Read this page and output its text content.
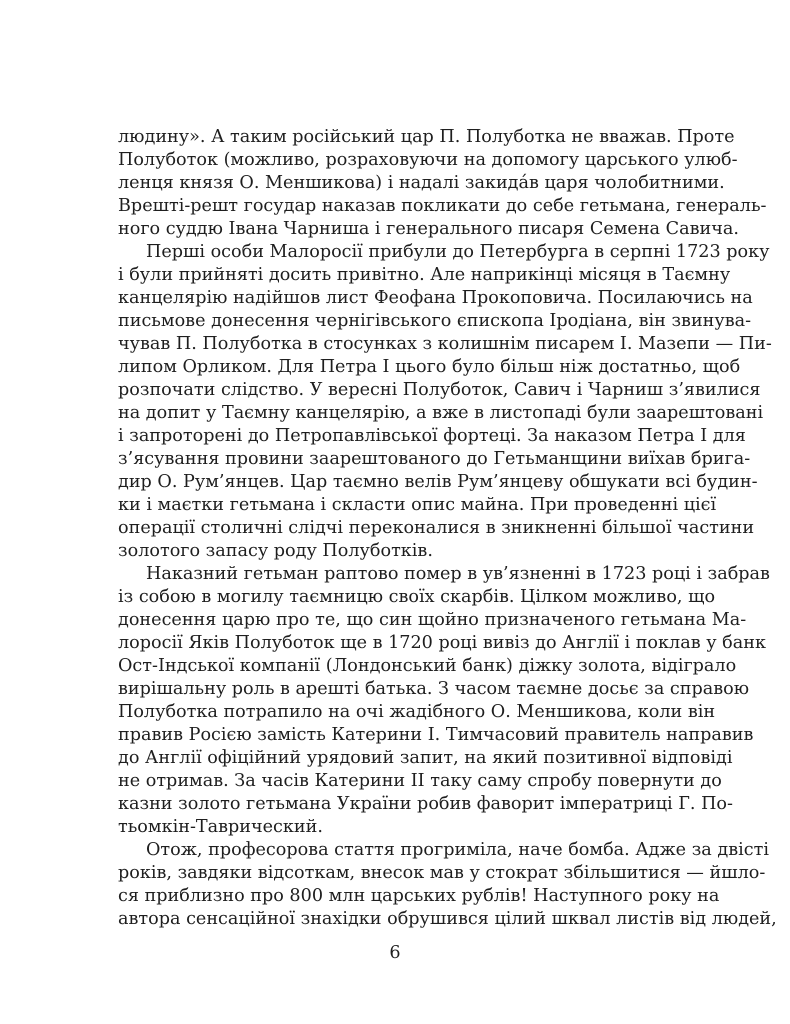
людину». А таким російський цар П. Полуботка не вважав. Проте
Полуботок (можливо, розраховуючи на допомогу царського улюб-
ленця князя О. Меншикова) і надалі закида́в царя чолобитними.
Врешті-решт государ наказав покликати до себе гетьмана, генераль-
ного суддю Івана Чарниша і генерального писаря Семена Савича.
Перші особи Малоросії прибули до Петербурга в серпні 1723 року
і були прийняті досить привітно. Але наприкінці місяця в Таємну
канцелярію надійшов лист Феофана Прокоповича. Посилаючись на
письмове донесення чернігівського єпископа Іродіана, він звинува-
чував П. Полуботка в стосунках з колишнім писарем І. Мазепи — Пи-
липом Орликом. Для Петра I цього було більш ніж достатньо, щоб
розпочати слідство. У вересні Полуботок, Савич і Чарниш з’явилися
на допит у Таємну канцелярію, а вже в листопаді були заарештовані
і запроторені до Петропавлівської фортеці. За наказом Петра I для
з’ясування провини заарештованого до Гетьманщини виїхав брига-
дир О. Рум’янцев. Цар таємно велів Рум’янцеву обшукати всі будин-
ки і маєтки гетьмана і скласти опис майна. При проведенні цієї
операції столичні слідчі переконалися в зникненні більшої частини
золотого запасу роду Полуботків.
Наказний гетьман раптово помер в ув’язненні в 1723 році і забрав
із собою в могилу таємницю своїх скарбів. Цілком можливо, що
донесення царю про те, що син щойно призначеного гетьмана Ма-
лоросії Яків Полуботок ще в 1720 році вивіз до Англії і поклав у банк
Ост-Індської компанії (Лондонський банк) діжку золота, відіграло
вирішальну роль в арешті батька. З часом таємне досьє за справою
Полуботка потрапило на очі жадібного О. Меншикова, коли він
правив Росією замість Катерини I. Тимчасовий правитель направив
до Англії офіційний урядовий запит, на який позитивної відповіді
не отримав. За часів Катерини II таку саму спробу повернути до
казни золото гетьмана України робив фаворит імператриці Г. По-
тьомкін-Таврический.
Отож, професорова стаття прогриміла, наче бомба. Адже за двісті
років, завдяки відсоткам, внесок мав у стократ збільшитися — йшло-
ся приблизно про 800 млн царських рублів! Наступного року на
автора сенсаційної знахідки обрушився цілий шквал листів від людей,
6
